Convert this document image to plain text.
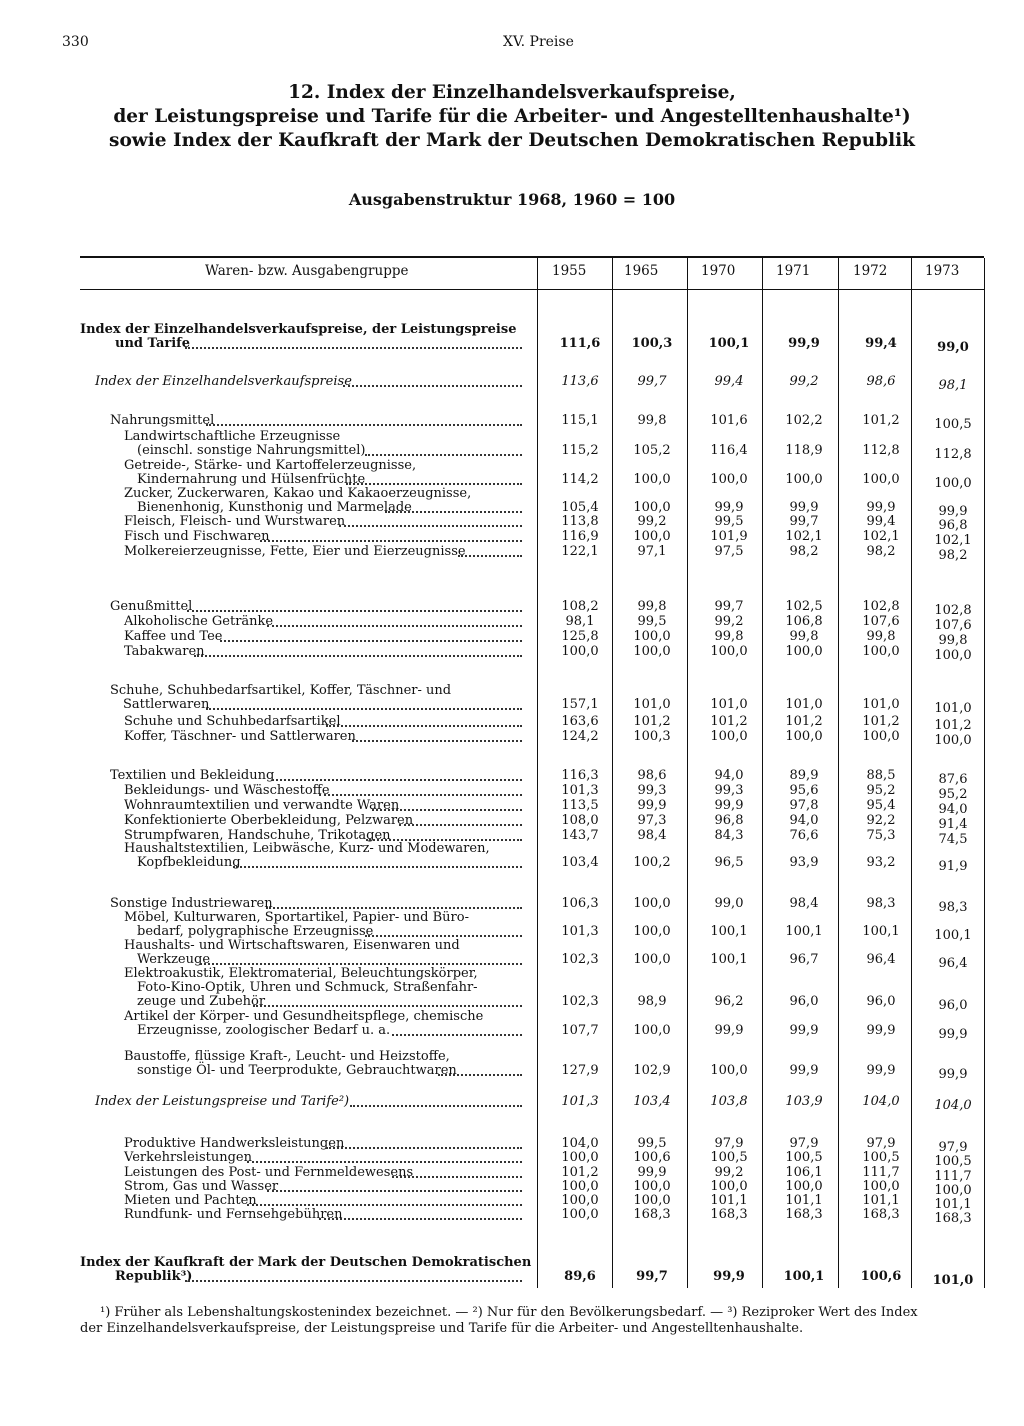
330	XV. Preise
12. Index der Einzelhandelsverkaufspreise,
der Leistungspreise und Tarife für die Arbeiter- und Angestelltenhaushalte¹)
sowie Index der Kaufkraft der Mark der Deutschen Demokratischen Republik
Ausgabenstruktur 1968, 1960 = 100
Waren- bzw. Ausgabengruppe	1955	1965	1970	1971	1972	1973
Index der Einzelhandelsverkaufspreise, der Leistungspreise
und Tarife	111,6	100,3	100,1	99,9	99,4	99,0
Index der Einzelhandelsverkaufspreise	113,6	99,7	99,4	99,2	98,6	98,1
Nahrungsmittel	115,1	99,8	101,6	102,2	101,2	100,5
Landwirtschaftliche Erzeugnisse
(einschl. sonstige Nahrungsmittel)	115,2	105,2	116,4	118,9	112,8	112,8
Getreide-, Stärke- und Kartoffelerzeugnisse,
Kindernahrung und Hülsenfrüchte	114,2	100,0	100,0	100,0	100,0	100,0
Zucker, Zuckerwaren, Kakao und Kakaoerzeugnisse,
Bienenhonig, Kunsthonig und Marmelade	105,4	100,0	99,9	99,9	99,9	99,9
Fleisch, Fleisch- und Wurstwaren	113,8	99,2	99,5	99,7	99,4	96,8
Fisch und Fischwaren	116,9	100,0	101,9	102,1	102,1	102,1
Molkereierzeugnisse, Fette, Eier und Eierzeugnisse	122,1	97,1	97,5	98,2	98,2	98,2
Genußmittel	108,2	99,8	99,7	102,5	102,8	102,8
Alkoholische Getränke	98,1	99,5	99,2	106,8	107,6	107,6
Kaffee und Tee	125,8	100,0	99,8	99,8	99,8	99,8
Tabakwaren	100,0	100,0	100,0	100,0	100,0	100,0
Schuhe, Schuhbedarfsartikel, Koffer, Täschner- und
Sattlerwaren	157,1	101,0	101,0	101,0	101,0	101,0
Schuhe und Schuhbedarfsartikel	163,6	101,2	101,2	101,2	101,2	101,2
Koffer, Täschner- und Sattlerwaren	124,2	100,3	100,0	100,0	100,0	100,0
Textilien und Bekleidung	116,3	98,6	94,0	89,9	88,5	87,6
Bekleidungs- und Wäschestoffe	101,3	99,3	99,3	95,6	95,2	95,2
Wohnraumtextilien und verwandte Waren	113,5	99,9	99,9	97,8	95,4	94,0
Konfektionierte Oberbekleidung, Pelzwaren	108,0	97,3	96,8	94,0	92,2	91,4
Strumpfwaren, Handschuhe, Trikotagen	143,7	98,4	84,3	76,6	75,3	74,5
Haushaltstextilien, Leibwäsche, Kurz- und Modewaren,
Kopfbekleidung	103,4	100,2	96,5	93,9	93,2	91,9
Sonstige Industriewaren	106,3	100,0	99,0	98,4	98,3	98,3
Möbel, Kulturwaren, Sportartikel, Papier- und Büro-
bedarf, polygraphische Erzeugnisse	101,3	100,0	100,1	100,1	100,1	100,1
Haushalts- und Wirtschaftswaren, Eisenwaren und
Werkzeuge	102,3	100,0	100,1	96,7	96,4	96,4
Elektroakustik, Elektromaterial, Beleuchtungskörper,
Foto-Kino-Optik, Uhren und Schmuck, Straßenfahr-
zeuge und Zubehör	102,3	98,9	96,2	96,0	96,0	96,0
Artikel der Körper- und Gesundheitspflege, chemische
Erzeugnisse, zoologischer Bedarf u. a.	107,7	100,0	99,9	99,9	99,9	99,9
Baustoffe, flüssige Kraft-, Leucht- und Heizstoffe,
sonstige Öl- und Teerprodukte, Gebrauchtwaren	127,9	102,9	100,0	99,9	99,9	99,9
Index der Leistungspreise und Tarife²)	101,3	103,4	103,8	103,9	104,0	104,0
Produktive Handwerksleistungen	104,0	99,5	97,9	97,9	97,9	97,9
Verkehrsleistungen	100,0	100,6	100,5	100,5	100,5	100,5
Leistungen des Post- und Fernmeldewesens	101,2	99,9	99,2	106,1	111,7	111,7
Strom, Gas und Wasser	100,0	100,0	100,0	100,0	100,0	100,0
Mieten und Pachten	100,0	100,0	101,1	101,1	101,1	101,1
Rundfunk- und Fernsehgebühren	100,0	168,3	168,3	168,3	168,3	168,3
Index der Kaufkraft der Mark der Deutschen Demokratischen
Republik³)	89,6	99,7	99,9	100,1	100,6	101,0
¹) Früher als Lebenshaltungskostenindex bezeichnet. — ²) Nur für den Bevölkerungsbedarf. — ³) Reziproker Wert des Index
der Einzelhandelsverkaufspreise, der Leistungspreise und Tarife für die Arbeiter- und Angestelltenhaushalte.
